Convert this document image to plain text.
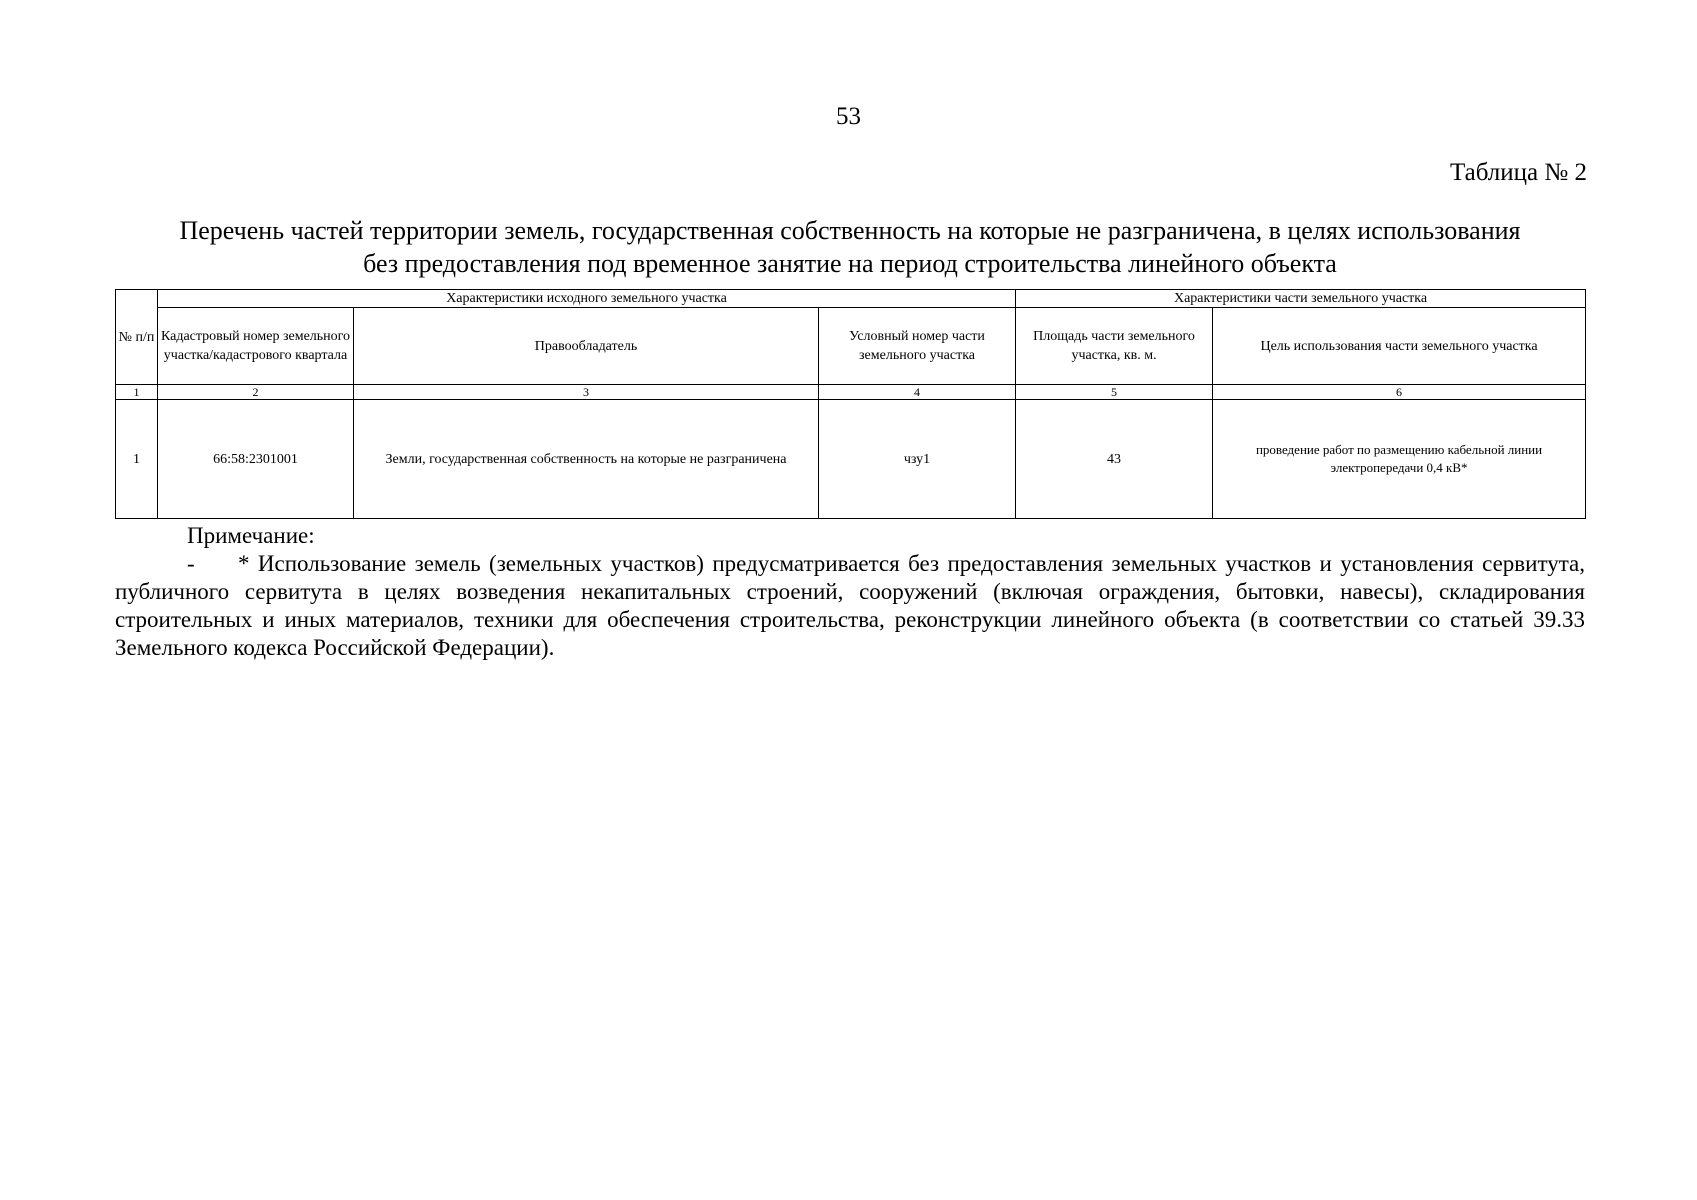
53
Таблица № 2
Перечень частей территории земель, государственная собственность на которые не разграничена, в целях использования
без предоставления под временное занятие на период строительства линейного объекта
№ п/п	Характеристики исходного земельного участка			Характеристики части земельного участка	
	Кадастровый номер земельного участка/кадастрового квартала	Правообладатель	Условный номер части земельного участка	Площадь части земельного участка, кв. м.	Цель использования части земельного участка
1	2	3	4	5	6
1	66:58:2301001	Земли, государственная собственность на которые не разграничена	чзу1	43	проведение работ по размещению кабельной линии электропередачи 0,4 кВ*
Примечание:
- * Использование земель (земельных участков) предусматривается без предоставления земельных участков и установления сервитута, публичного сервитута в целях возведения некапитальных строений, сооружений (включая ограждения, бытовки, навесы), складирования строительных и иных материалов, техники для обеспечения строительства, реконструкции линейного объекта (в соответствии со статьей 39.33 Земельного кодекса Российской Федерации).
